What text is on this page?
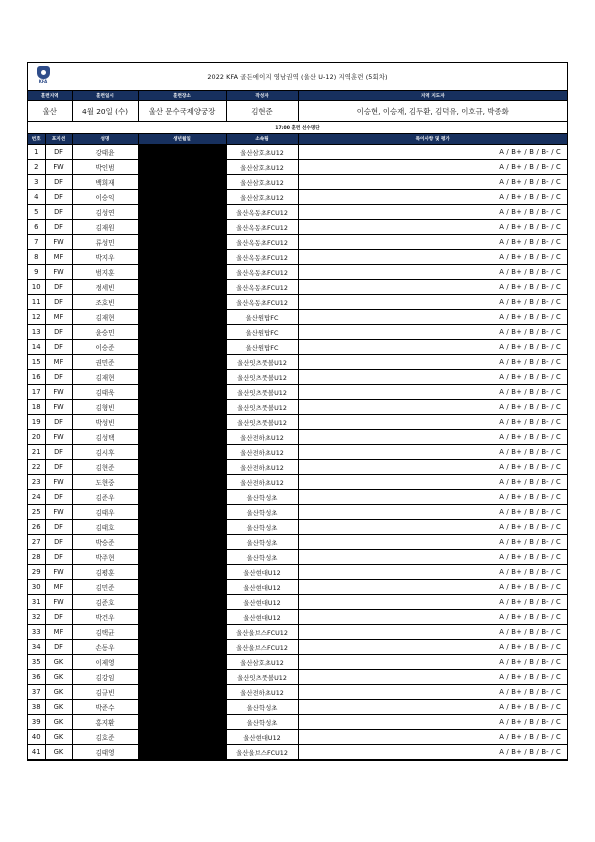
KFA
2022 KFA 골든에이지 영남권역 (울산 U-12) 지역훈련 (5회차)
훈련지역	훈련일시	훈련장소	작성자	지역 지도자
울산	4월 20일 (수)	울산 문수국제양궁장	김현준	이승현, 이승재, 김두환, 김덕유, 이호규, 박종화
17:00 훈련 선수명단					
번호	포지션	성명	생년월일	소속팀	특이사항 및 평가
1	DF	강태윤		울산삼호초U12	A / B+ / B / B- / C
2	FW	박인범		울산삼호초U12	A / B+ / B / B- / C
3	DF	백희재		울산삼호초U12	A / B+ / B / B- / C
4	DF	이승익		울산삼호초U12	A / B+ / B / B- / C
5	DF	김성연		울산옥동초FCU12	A / B+ / B / B- / C
6	DF	김재원		울산옥동초FCU12	A / B+ / B / B- / C
7	FW	류성민		울산옥동초FCU12	A / B+ / B / B- / C
8	MF	박지우		울산옥동초FCU12	A / B+ / B / B- / C
9	FW	범지훈		울산옥동초FCU12	A / B+ / B / B- / C
10	DF	정세빈		울산옥동초FCU12	A / B+ / B / B- / C
11	DF	조호빈		울산옥동초FCU12	A / B+ / B / B- / C
12	MF	김재현		울산원탑FC	A / B+ / B / B- / C
13	DF	윤승민		울산원탑FC	A / B+ / B / B- / C
14	DF	이승준		울산원탑FC	A / B+ / B / B- / C
15	MF	권민준		울산잇츠풋볼U12	A / B+ / B / B- / C
16	DF	김재현		울산잇츠풋볼U12	A / B+ / B / B- / C
17	FW	김태욱		울산잇츠풋볼U12	A / B+ / B / B- / C
18	FW	김형빈		울산잇츠풋볼U12	A / B+ / B / B- / C
19	DF	박성빈		울산잇츠풋볼U12	A / B+ / B / B- / C
20	FW	김성택		울산전하초U12	A / B+ / B / B- / C
21	DF	김시후		울산전하초U12	A / B+ / B / B- / C
22	DF	김현준		울산전하초U12	A / B+ / B / B- / C
23	FW	도현중		울산전하초U12	A / B+ / B / B- / C
24	DF	김준우		울산학성초	A / B+ / B / B- / C
25	FW	김태우		울산학성초	A / B+ / B / B- / C
26	DF	김태호		울산학성초	A / B+ / B / B- / C
27	DF	박승준		울산학성초	A / B+ / B / B- / C
28	DF	박주현		울산학성초	A / B+ / B / B- / C
29	FW	김평훈		울산현대U12	A / B+ / B / B- / C
30	MF	김민준		울산현대U12	A / B+ / B / B- / C
31	FW	김준호		울산현대U12	A / B+ / B / B- / C
32	DF	박건우		울산현대U12	A / B+ / B / B- / C
33	MF	김택균		울산울브스FCU12	A / B+ / B / B- / C
34	DF	손동우		울산울브스FCU12	A / B+ / B / B- / C
35	GK	이제영		울산삼호초U12	A / B+ / B / B- / C
36	GK	김강임		울산잇츠풋볼U12	A / B+ / B / B- / C
37	GK	김규빈		울산전하초U12	A / B+ / B / B- / C
38	GK	박준수		울산학성초	A / B+ / B / B- / C
39	GK	홍지환		울산학성초	A / B+ / B / B- / C
40	GK	김호준		울산현대U12	A / B+ / B / B- / C
41	GK	김태영		울산울브스FCU12	A / B+ / B / B- / C
